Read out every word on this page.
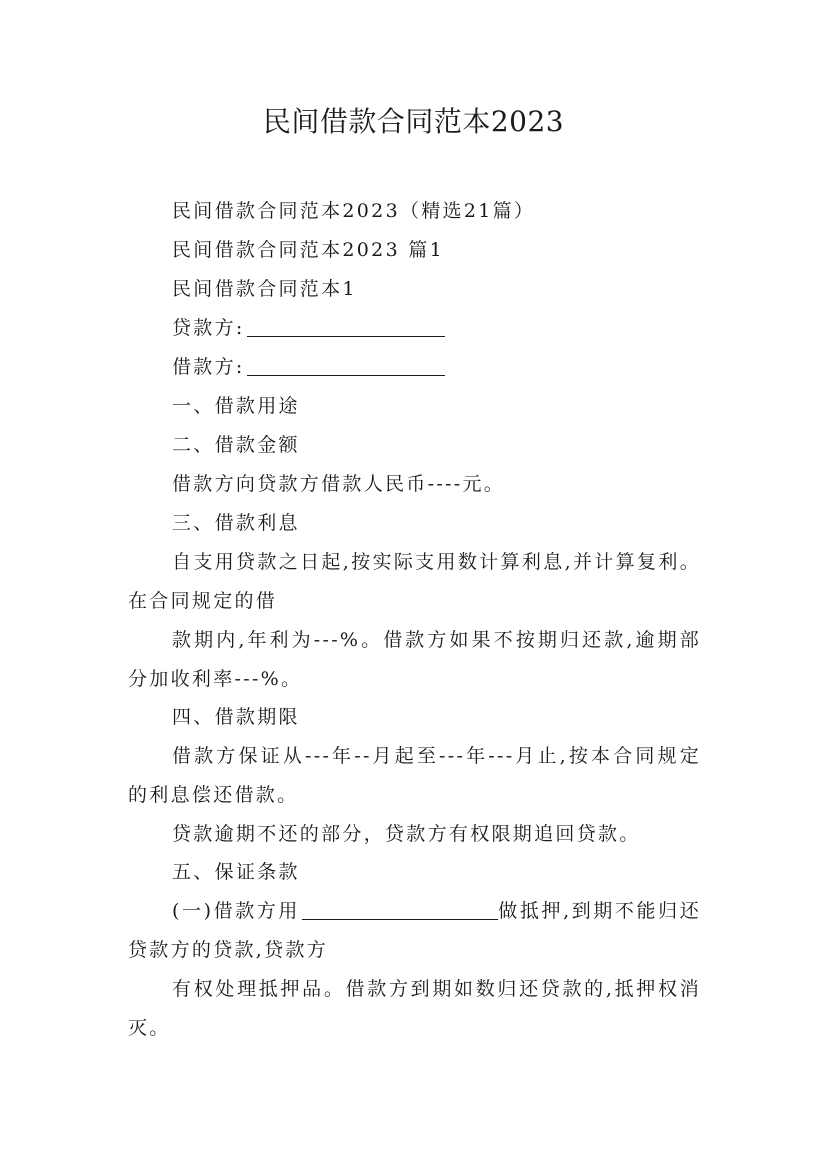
民间借款合同范本2023
民间借款合同范本2023（精选21篇）
民间借款合同范本2023 篇1
民间借款合同范本1
贷款方:
借款方:
一、借款用途
二、借款金额
借款方向贷款方借款人民币----元。
三、借款利息
自支用贷款之日起,按实际支用数计算利息,并计算复利。在合同规定的借
款期内,年利为---%。借款方如果不按期归还款,逾期部分加收利率---%。
四、借款期限
借款方保证从---年--月起至---年---月止,按本合同规定的利息偿还借款。
贷款逾期不还的部分，贷款方有权限期追回贷款。
五、保证条款
(一)借款方用	做抵押,到期不能归还贷款方的贷款,贷款方
有权处理抵押品。借款方到期如数归还贷款的,抵押权消灭。
